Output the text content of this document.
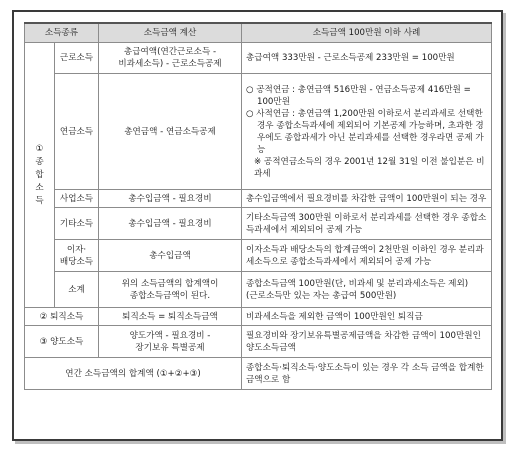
소득종류		소득금액 계산	소득금액 100만원 이하 사례

①
종
합
소
득	근로소득	총급여액(연간근로소득 -
비과세소득) - 근로소득공제	총급여액 333만원 - 근로소득공제 233만원 = 100만원
	연금소득	총연금액 - 연금소득공제	○ 공적연금 : 총연금액 516만원 - 연금소득공제 416만원 = 100만원
○ 사적연금 : 총연금액 1,200만원 이하로서 분리과세로 선택한 경우 종합소득과세에 제외되어 기본공제 가능하며, 초과한 경우에도 종합과세가 아닌 분리과세를 선택한 경우라면 공제 가능
※ 공적연금소득의 경우 2001년 12월 31일 이전 불입분은 비과세

	사업소득	총수입금액 - 필요경비	총수입금액에서 필요경비를 차감한 금액이 100만원이 되는 경우
	기타소득	총수입금액 - 필요경비	기타소득금액 300만원 이하로서 분리과세를 선택한 경우 종합소득과세에서 제외되어 공제 가능
	이자·
배당소득	총수입금액	이자소득과 배당소득의 합계금액이 2천만원 이하인 경우 분리과세소득으로 종합소득과세에서 제외되어 공제 가능
	소계	위의 소득금액의 합계액이
종합소득금액이 된다.	종합소득금액 100만원(단, 비과세 및 분리과세소득은 제외)
(근로소득만 있는 자는 총급여 500만원)
② 퇴직소득		퇴직소득 = 퇴직소득금액	비과세소득을 제외한 금액이 100만원인 퇴직금
③ 양도소득		양도가액 - 필요경비 -
장기보유 특별공제	필요경비와 장기보유특별공제금액을 차감한 금액이 100만원인 양도소득금액
연간 소득금액의 합계액 (①+②+③)			종합소득·퇴직소득·양도소득이 있는 경우 각 소득 금액을 합계한 금액으로 함
